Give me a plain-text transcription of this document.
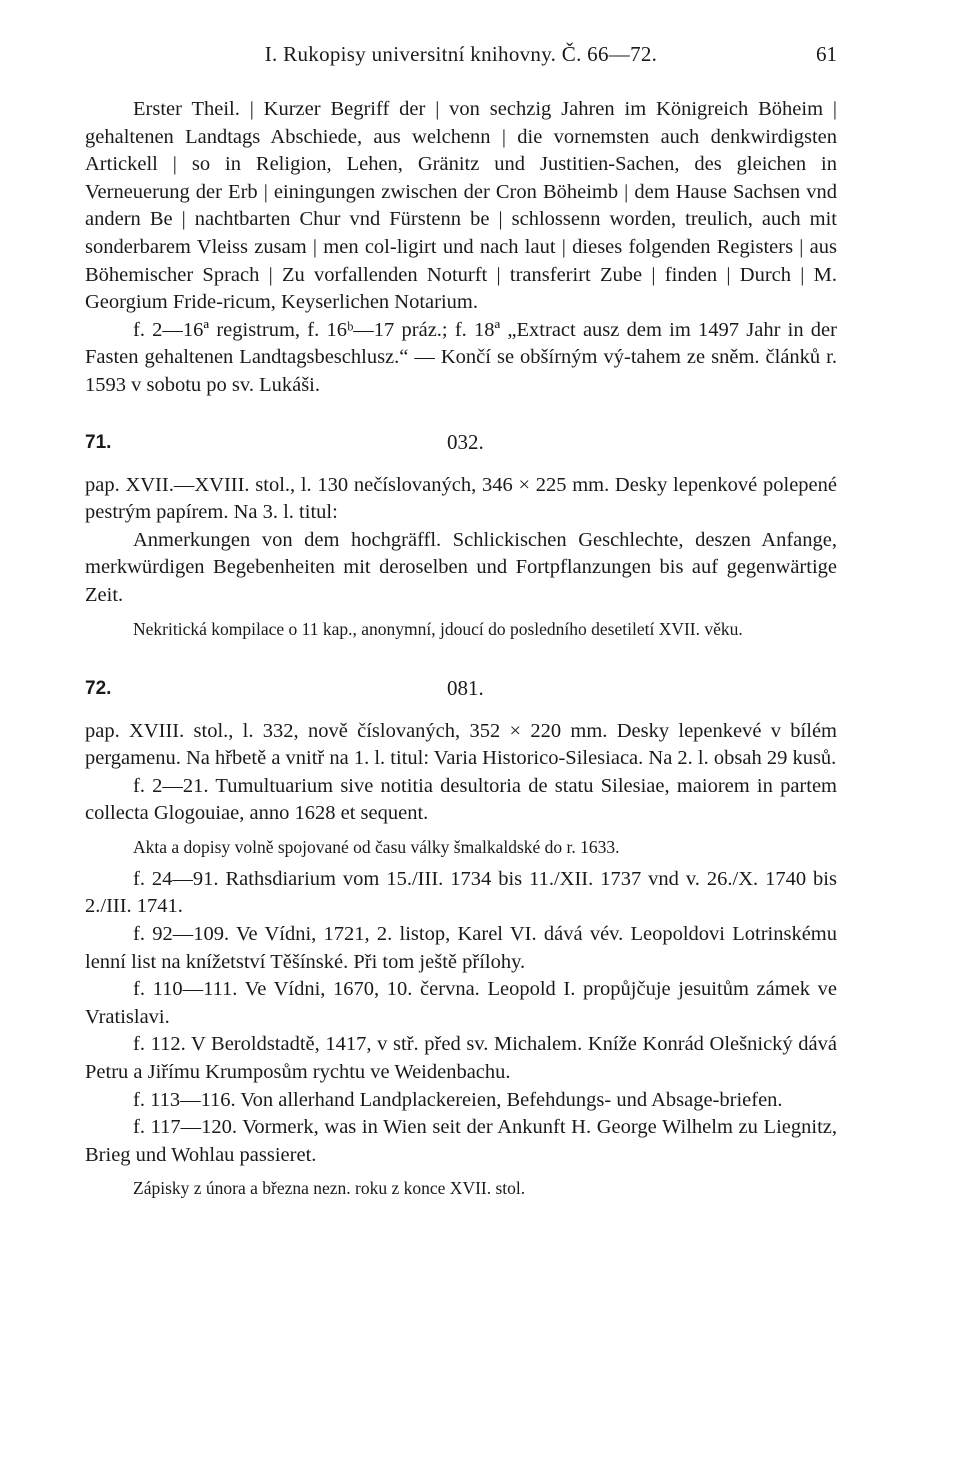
I. Rukopisy universitní knihovny. Č. 66—72.	61

Erster Theil. | Kurzer Begriff der | von sechzig Jahren im Königreich Böheim | gehaltenen Landtags Abschiede, aus welchenn | die vornemsten auch denkwirdigsten Artickell | so in Religion, Lehen, Gränitz und Justitien-Sachen, des gleichen in Verneuerung der Erb | einingungen zwischen der Cron Böheimb | dem Hause Sachsen vnd andern Be | nachtbarten Chur vnd Fürstenn be | schlossenn worden, treulich, auch mit sonderbarem Vleiss zusam | men col-ligirt und nach laut | dieses folgenden Registers | aus Böhemischer Sprach | Zu vorfallenden Noturft | transferirt Zube | finden | Durch | M. Georgium Fride-ricum, Keyserlichen Notarium.

f. 2—16ª registrum, f. 16ᵇ—17 práz.; f. 18ª „Extract ausz dem im 1497 Jahr in der Fasten gehaltenen Landtagsbeschlusz.“ — Končí se obšírným vý-tahem ze sněm. článků r. 1593 v sobotu po sv. Lukáši.

71.	032.

pap. XVII.—XVIII. stol., l. 130 nečíslovaných, 346 × 225 mm. Desky lepenkové polepené pestrým papírem. Na 3. l. titul:

Anmerkungen von dem hochgräffl. Schlickischen Geschlechte, deszen Anfange, merkwürdigen Begebenheiten mit deroselben und Fortpflanzungen bis auf gegenwärtige Zeit.

Nekritická kompilace o 11 kap., anonymní, jdoucí do posledního desetiletí XVII. věku.

72.	081.

pap. XVIII. stol., l. 332, nově číslovaných, 352 × 220 mm. Desky lepenkevé v bílém pergamenu. Na hřbetě a vnitř na 1. l. titul: Varia Historico-Silesiaca. Na 2. l. obsah 29 kusů.

f. 2—21. Tumultuarium sive notitia desultoria de statu Silesiae, maiorem in partem collecta Glogouiae, anno 1628 et sequent.

Akta a dopisy volně spojované od času války šmalkaldské do r. 1633.

f. 24—91. Rathsdiarium vom 15./III. 1734 bis 11./XII. 1737 vnd v. 26./X. 1740 bis 2./III. 1741.

f. 92—109. Ve Vídni, 1721, 2. listop, Karel VI. dává vév. Leopoldovi Lotrinskému lenní list na knížetství Těšínské. Při tom ještě přílohy.

f. 110—111. Ve Vídni, 1670, 10. června. Leopold I. propůjčuje jesuitům zámek ve Vratislavi.

f. 112. V Beroldstadtě, 1417, v stř. před sv. Michalem. Kníže Konrád Olešnický dává Petru a Jiřímu Krumposům rychtu ve Weidenbachu.

f. 113—116. Von allerhand Landplackereien, Befehdungs- und Absage-briefen.

f. 117—120. Vormerk, was in Wien seit der Ankunft H. George Wilhelm zu Liegnitz, Brieg und Wohlau passieret.

Zápisky z února a března nezn. roku z konce XVII. stol.
